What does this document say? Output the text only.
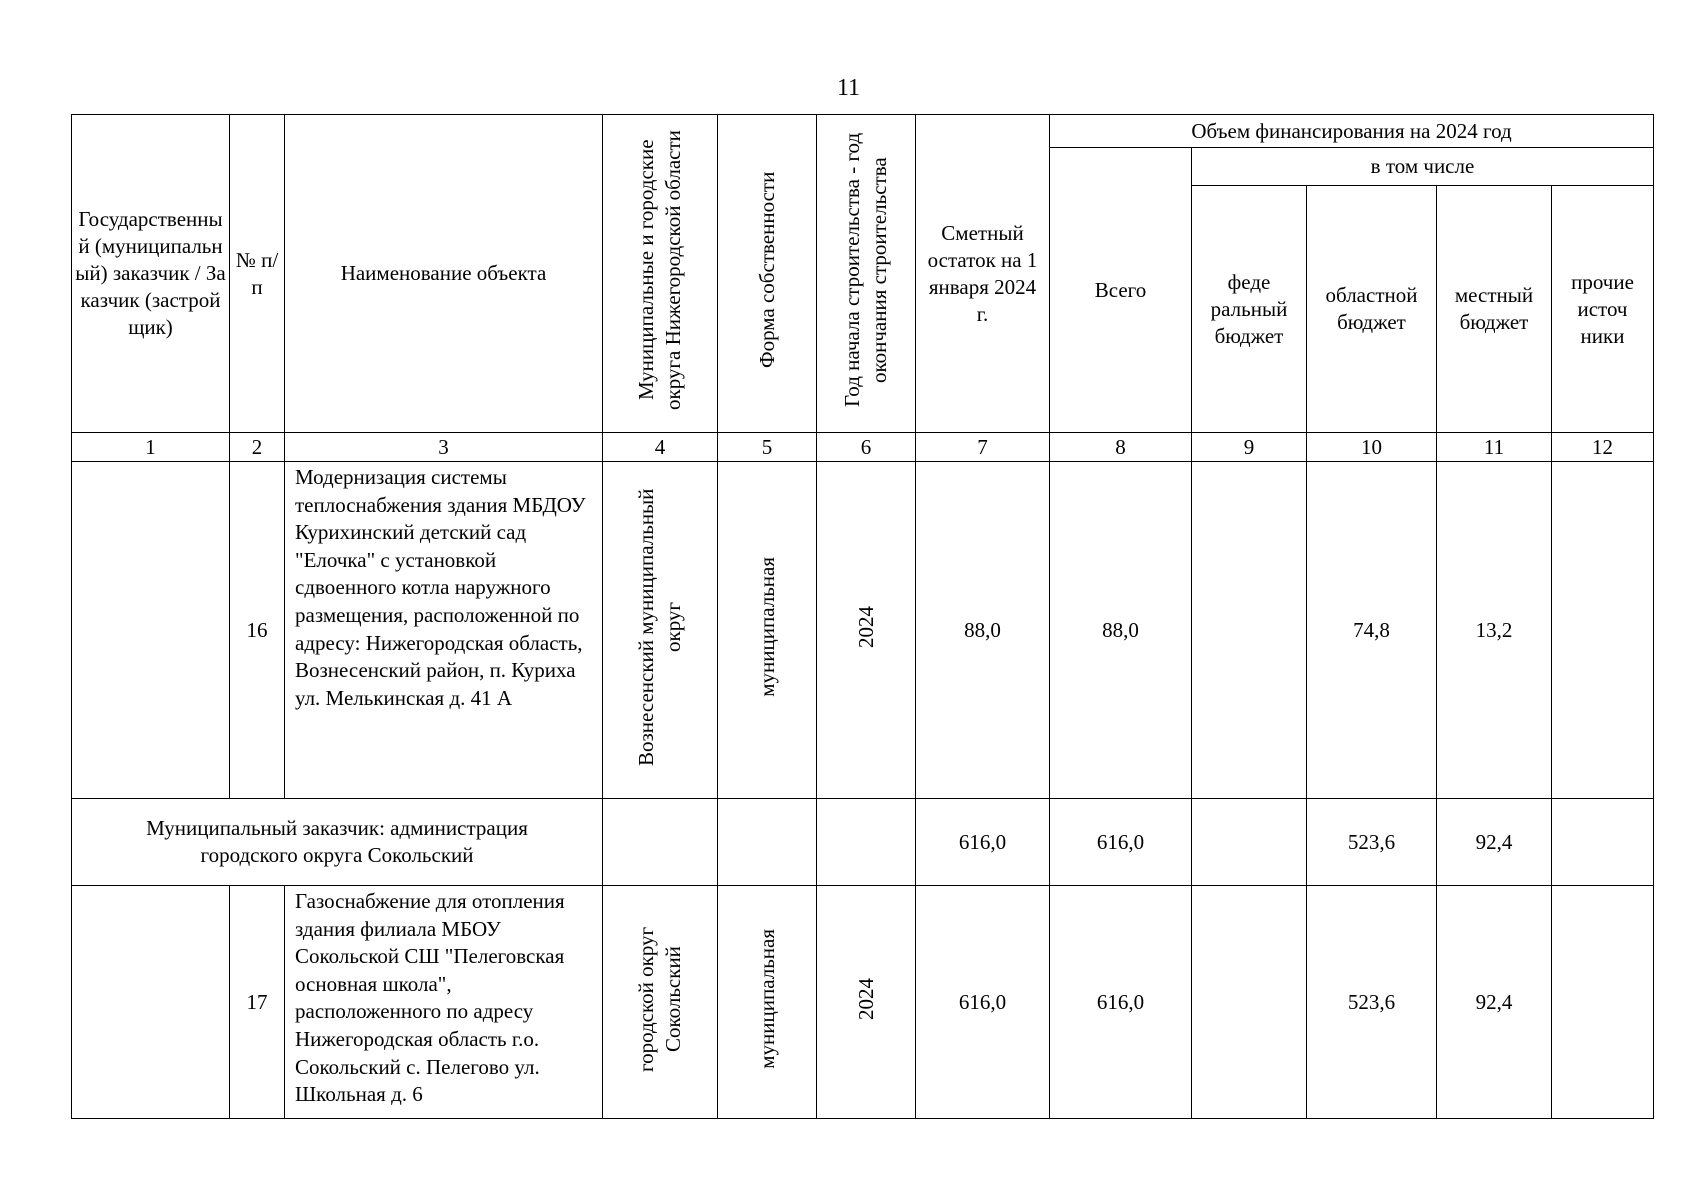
11
Государственный (муниципальный) заказчик / Заказчик (застройщик)	№ п/п	Наименование объекта	Муниципальные и городские округа Нижегородской области	Форма собственности	Год начала строительства - год окончания строительства	Сметный остаток на 1 января 2024 г.	Объем финансирования на 2024 год				
							Всего	в том числе			
								феде ральный бюджет	областной бюджет	местный бюджет	прочие источ ники
1	2	3	4	5	6	7	8	9	10	11	12
	16	Модернизация системы теплоснабжения здания МБДОУ Курихинский детский сад "Елочка" с установкой сдвоенного котла наружного размещения, расположенной по адресу: Нижегородская область, Вознесенский район, п. Куриха ул. Мелькинская д. 41 А	Вознесенский муниципальный округ	муниципальная	2024	88,0	88,0		74,8	13,2	
Муниципальный заказчик: администрация городского округа Сокольский						616,0	616,0		523,6	92,4	
	17	Газоснабжение для отопления здания филиала МБОУ Сокольской СШ "Пелеговская основная школа", расположенного по адресу Нижегородская область г.о. Сокольский с. Пелегово ул. Школьная д. 6	городской округ Сокольский	муниципальная	2024	616,0	616,0		523,6	92,4	
